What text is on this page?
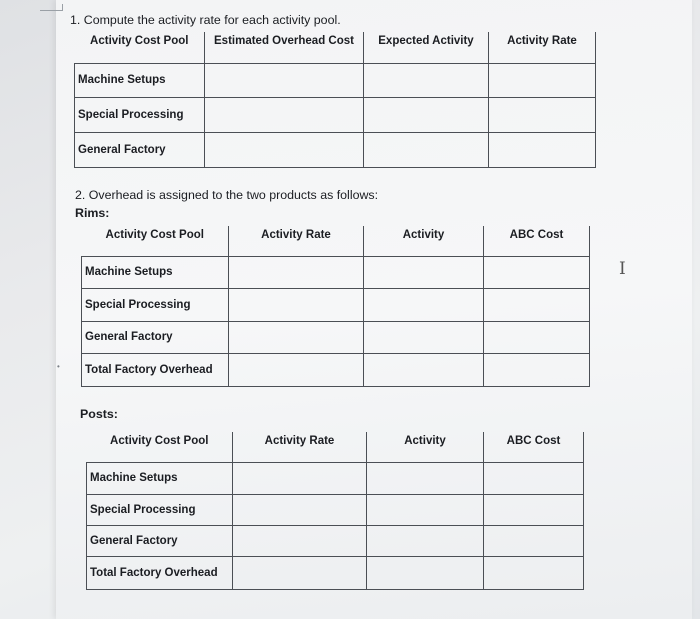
1. Compute the activity rate for each activity pool.
Activity Cost Pool	Estimated Overhead Cost	Expected Activity	Activity Rate
Machine Setups			
Special Processing			
General Factory			
2. Overhead is assigned to the two products as follows:
Rims:
Activity Cost Pool	Activity Rate	Activity	ABC Cost
Machine Setups			
Special Processing			
General Factory			
Total Factory Overhead			
Posts:
Activity Cost Pool	Activity Rate	Activity	ABC Cost
Machine Setups			
Special Processing			
General Factory			
Total Factory Overhead			
I
•
